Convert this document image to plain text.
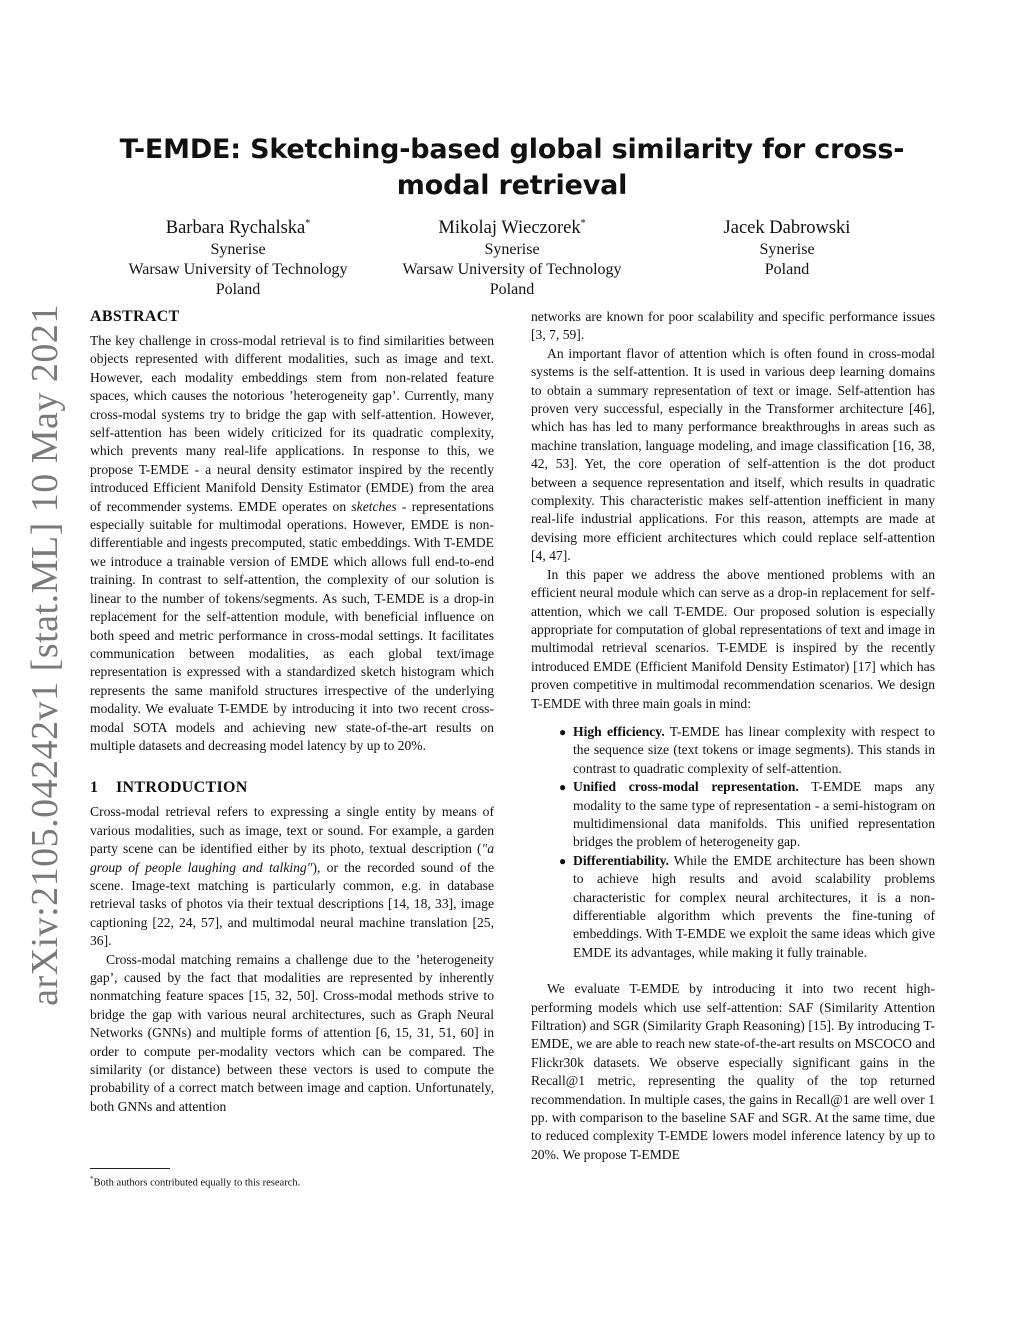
arXiv:2105.04242v1 [stat.ML] 10 May 2021
T-EMDE: Sketching-based global similarity for cross-modal retrieval
Barbara Rychalska*
Synerise
Warsaw University of Technology
Poland
Mikolaj Wieczorek*
Synerise
Warsaw University of Technology
Poland
Jacek Dabrowski
Synerise
Poland
ABSTRACT

The key challenge in cross-modal retrieval is to find similarities between objects represented with different modalities, such as image and text. However, each modality embeddings stem from non-related feature spaces, which causes the notorious ’heterogeneity gap’. Currently, many cross-modal systems try to bridge the gap with self-attention. However, self-attention has been widely criticized for its quadratic complexity, which prevents many real-life applications. In response to this, we propose T-EMDE - a neural density estimator inspired by the recently introduced Efficient Manifold Density Estimator (EMDE) from the area of recommender systems. EMDE operates on sketches - representations especially suitable for multimodal operations. However, EMDE is non-differentiable and ingests precomputed, static embeddings. With T-EMDE we introduce a trainable version of EMDE which allows full end-to-end training. In contrast to self-attention, the complexity of our solution is linear to the number of tokens/segments. As such, T-EMDE is a drop-in replacement for the self-attention module, with beneficial influence on both speed and metric performance in cross-modal settings. It facilitates communication between modalities, as each global text/image representation is expressed with a standardized sketch histogram which represents the same manifold structures irrespective of the underlying modality. We evaluate T-EMDE by introducing it into two recent cross-modal SOTA models and achieving new state-of-the-art results on multiple datasets and decreasing model latency by up to 20%.

1 INTRODUCTION

Cross-modal retrieval refers to expressing a single entity by means of various modalities, such as image, text or sound. For example, a garden party scene can be identified either by its photo, textual description ("a group of people laughing and talking"), or the recorded sound of the scene. Image-text matching is particularly common, e.g. in database retrieval tasks of photos via their textual descriptions [14, 18, 33], image captioning [22, 24, 57], and multimodal neural machine translation [25, 36].

Cross-modal matching remains a challenge due to the ’heterogeneity gap’, caused by the fact that modalities are represented by inherently nonmatching feature spaces [15, 32, 50]. Cross-modal methods strive to bridge the gap with various neural architectures, such as Graph Neural Networks (GNNs) and multiple forms of attention [6, 15, 31, 51, 60] in order to compute per-modality vectors which can be compared. The similarity (or distance) between these vectors is used to compute the probability of a correct match between image and caption. Unfortunately, both GNNs and attention

networks are known for poor scalability and specific performance issues [3, 7, 59].

An important flavor of attention which is often found in cross-modal systems is the self-attention. It is used in various deep learning domains to obtain a summary representation of text or image. Self-attention has proven very successful, especially in the Transformer architecture [46], which has has led to many performance breakthroughs in areas such as machine translation, language modeling, and image classification [16, 38, 42, 53]. Yet, the core operation of self-attention is the dot product between a sequence representation and itself, which results in quadratic complexity. This characteristic makes self-attention inefficient in many real-life industrial applications. For this reason, attempts are made at devising more efficient architectures which could replace self-attention [4, 47].

In this paper we address the above mentioned problems with an efficient neural module which can serve as a drop-in replacement for self-attention, which we call T-EMDE. Our proposed solution is especially appropriate for computation of global representations of text and image in multimodal retrieval scenarios. T-EMDE is inspired by the recently introduced EMDE (Efficient Manifold Density Estimator) [17] which has proven competitive in multimodal recommendation scenarios. We design T-EMDE with three main goals in mind:

● High efficiency. T-EMDE has linear complexity with respect to the sequence size (text tokens or image segments). This stands in contrast to quadratic complexity of self-attention.
● Unified cross-modal representation. T-EMDE maps any modality to the same type of representation - a semi-histogram on multidimensional data manifolds. This unified representation bridges the problem of heterogeneity gap.
● Differentiability. While the EMDE architecture has been shown to achieve high results and avoid scalability problems characteristic for complex neural architectures, it is a non-differentiable algorithm which prevents the fine-tuning of embeddings. With T-EMDE we exploit the same ideas which give EMDE its advantages, while making it fully trainable.

We evaluate T-EMDE by introducing it into two recent high-performing models which use self-attention: SAF (Similarity Attention Filtration) and SGR (Similarity Graph Reasoning) [15]. By introducing T-EMDE, we are able to reach new state-of-the-art results on MSCOCO and Flickr30k datasets. We observe especially significant gains in the Recall@1 metric, representing the quality of the top returned recommendation. In multiple cases, the gains in Recall@1 are well over 1 pp. with comparison to the baseline SAF and SGR. At the same time, due to reduced complexity T-EMDE lowers model inference latency by up to 20%. We propose T-EMDE

*Both authors contributed equally to this research.
